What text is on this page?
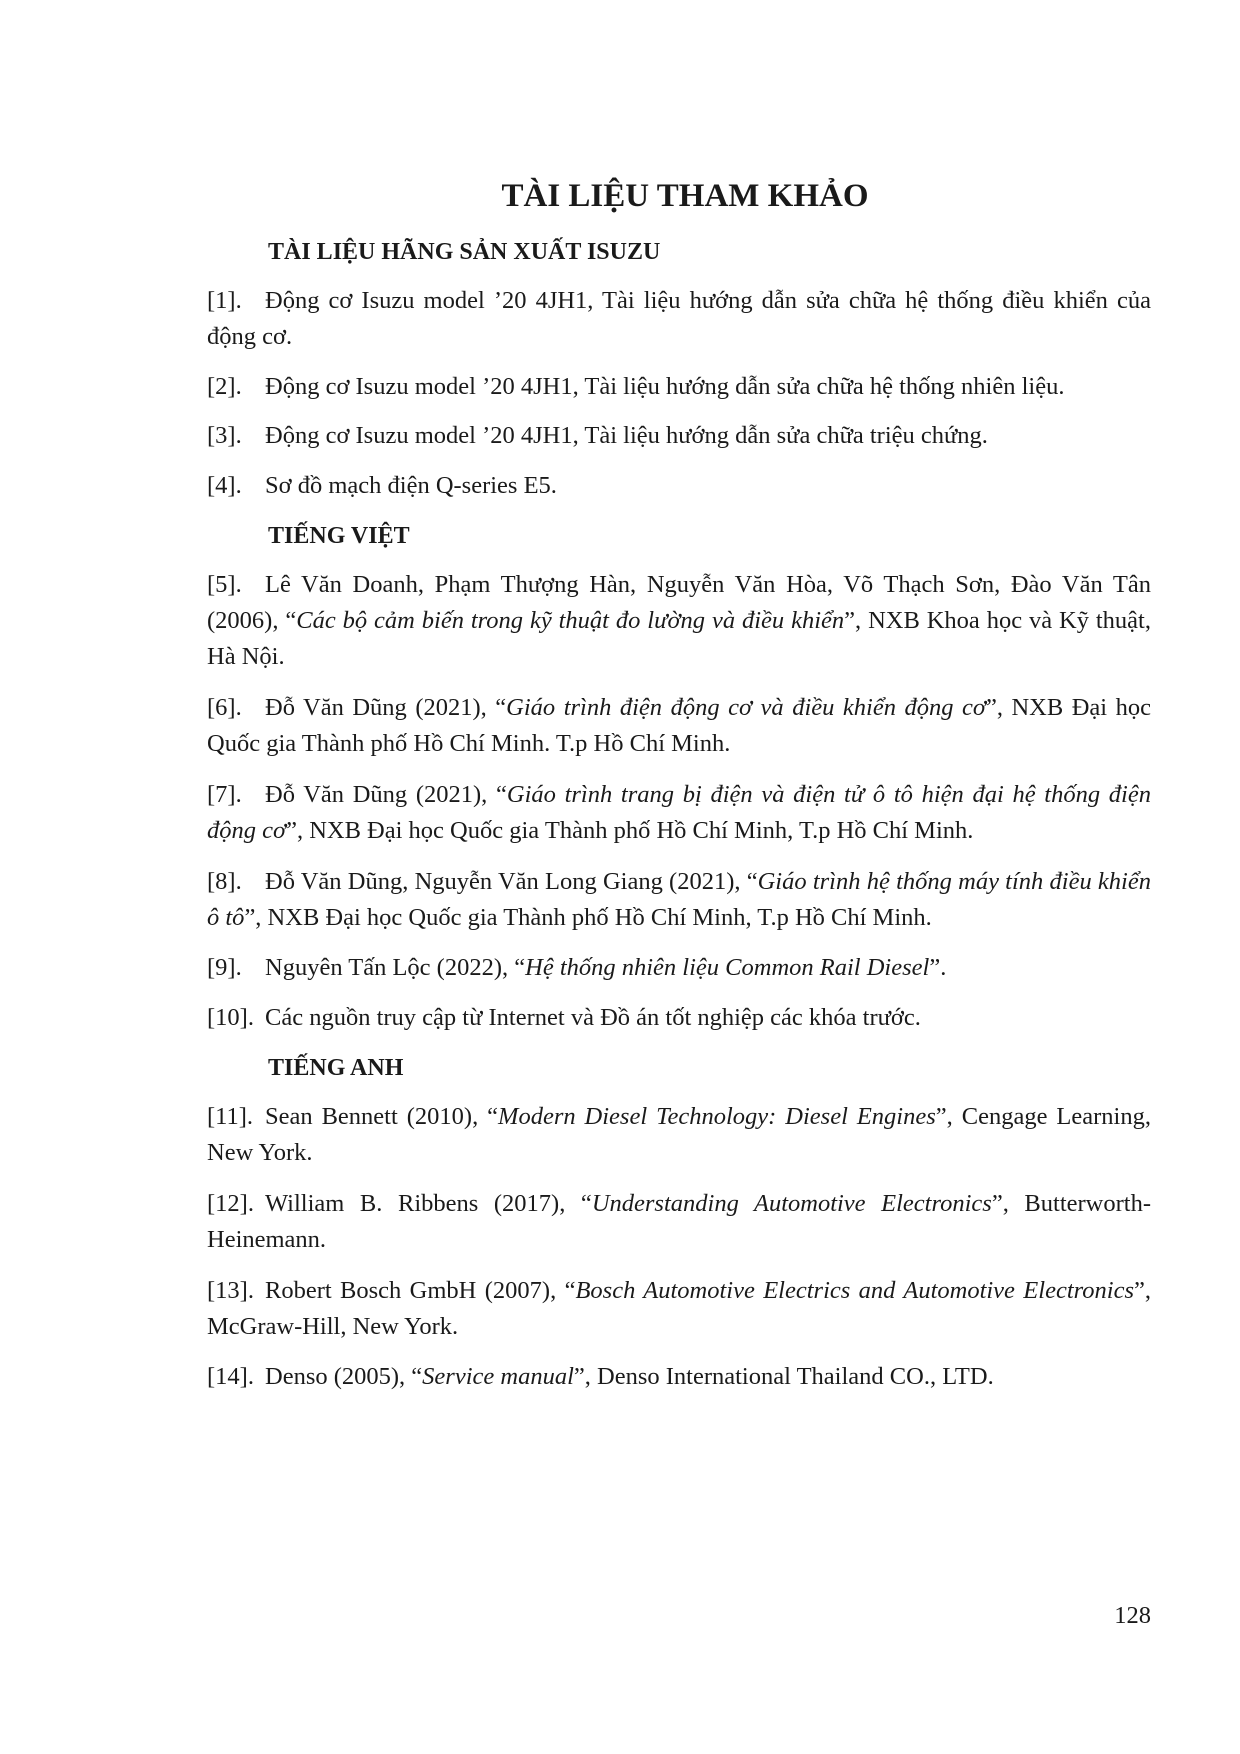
TÀI LIỆU THAM KHẢO
TÀI LIỆU HÃNG SẢN XUẤT ISUZU

[1]. Động cơ Isuzu model ’20 4JH1, Tài liệu hướng dẫn sửa chữa hệ thống điều khiển của động cơ.

[2]. Động cơ Isuzu model ’20 4JH1, Tài liệu hướng dẫn sửa chữa hệ thống nhiên liệu.

[3]. Động cơ Isuzu model ’20 4JH1, Tài liệu hướng dẫn sửa chữa triệu chứng.

[4]. Sơ đồ mạch điện Q-series E5.

TIẾNG VIỆT

[5]. Lê Văn Doanh, Phạm Thượng Hàn, Nguyễn Văn Hòa, Võ Thạch Sơn, Đào Văn Tân (2006), “Các bộ cảm biến trong kỹ thuật đo lường và điều khiển”, NXB Khoa học và Kỹ thuật, Hà Nội.

[6]. Đỗ Văn Dũng (2021), “Giáo trình điện động cơ và điều khiển động cơ”, NXB Đại học Quốc gia Thành phố Hồ Chí Minh. T.p Hồ Chí Minh.

[7]. Đỗ Văn Dũng (2021), “Giáo trình trang bị điện và điện tử ô tô hiện đại hệ thống điện động cơ”, NXB Đại học Quốc gia Thành phố Hồ Chí Minh, T.p Hồ Chí Minh.

[8]. Đỗ Văn Dũng, Nguyễn Văn Long Giang (2021), “Giáo trình hệ thống máy tính điều khiển ô tô”, NXB Đại học Quốc gia Thành phố Hồ Chí Minh, T.p Hồ Chí Minh.

[9]. Nguyên Tấn Lộc (2022), “Hệ thống nhiên liệu Common Rail Diesel”.

[10]. Các nguồn truy cập từ Internet và Đồ án tốt nghiệp các khóa trước.

TIẾNG ANH

[11]. Sean Bennett (2010), “Modern Diesel Technology: Diesel Engines”, Cengage Learning, New York.

[12]. William B. Ribbens (2017), “Understanding Automotive Electronics”, Butterworth-Heinemann.

[13]. Robert Bosch GmbH (2007), “Bosch Automotive Electrics and Automotive Electronics”, McGraw-Hill, New York.

[14]. Denso (2005), “Service manual”, Denso International Thailand CO., LTD.

128
